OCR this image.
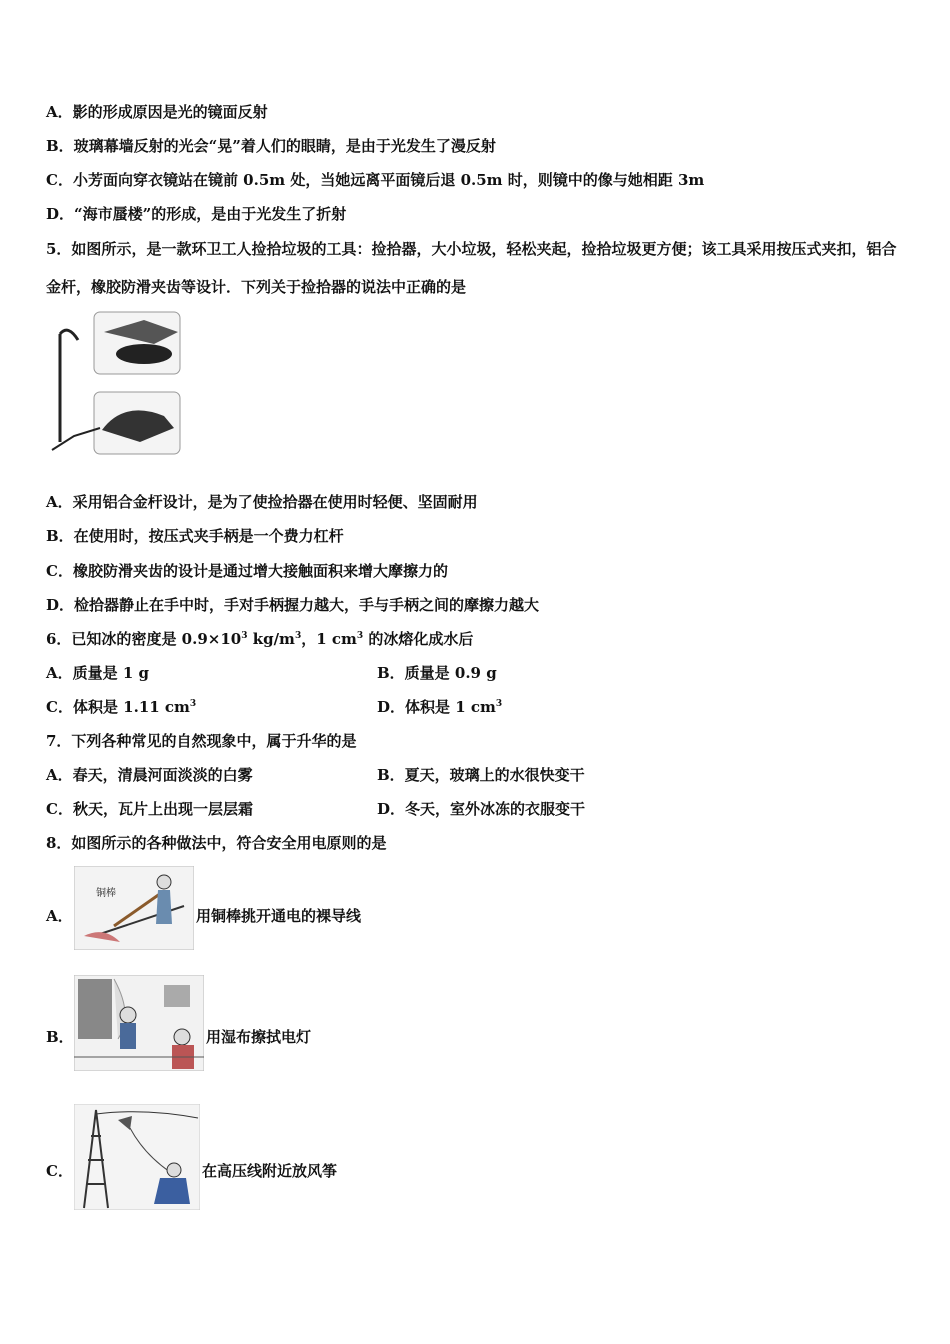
A．影的形成原因是光的镜面反射
B．玻璃幕墙反射的光会“晃”着人们的眼睛，是由于光发生了漫反射
C．小芳面向穿衣镜站在镜前 0.5m 处，当她远离平面镜后退 0.5m 时，则镜中的像与她相距 3m
D．“海市蜃楼”的形成，是由于光发生了折射
5．如图所示，是一款环卫工人捡拾垃圾的工具：捡拾器，大小垃圾，轻松夹起，捡拾垃圾更方便；该工具采用按压式夹扣，铝合金杆，橡胶防滑夹齿等设计．下列关于捡拾器的说法中正确的是
A．采用铝合金杆设计，是为了使捡拾器在使用时轻便、坚固耐用
B．在使用时，按压式夹手柄是一个费力杠杆
C．橡胶防滑夹齿的设计是通过增大接触面积来增大摩擦力的
D．检拾器静止在手中时，手对手柄握力越大，手与手柄之间的摩擦力越大
6．已知冰的密度是 $0.9\times 10^3$ $kg/m^3$，1 $cm^3$ 的冰熔化成水后
A．质量是 1 g	B．质量是 0.9 g
C．体积是 1.11 $cm^3$	D．体积是 1 $cm^3$
7．下列各种常见的自然现象中，属于升华的是
A．春天，清晨河面淡淡的白雾	B．夏天，玻璃上的水很快变干
C．秋天，瓦片上出现一层层霜	D．冬天，室外冰冻的衣服变干
8．如图所示的各种做法中，符合安全用电原则的是
A．
铜棒
用铜棒挑开通电的裸导线
B．	用湿布擦拭电灯
C．	在高压线附近放风筝
